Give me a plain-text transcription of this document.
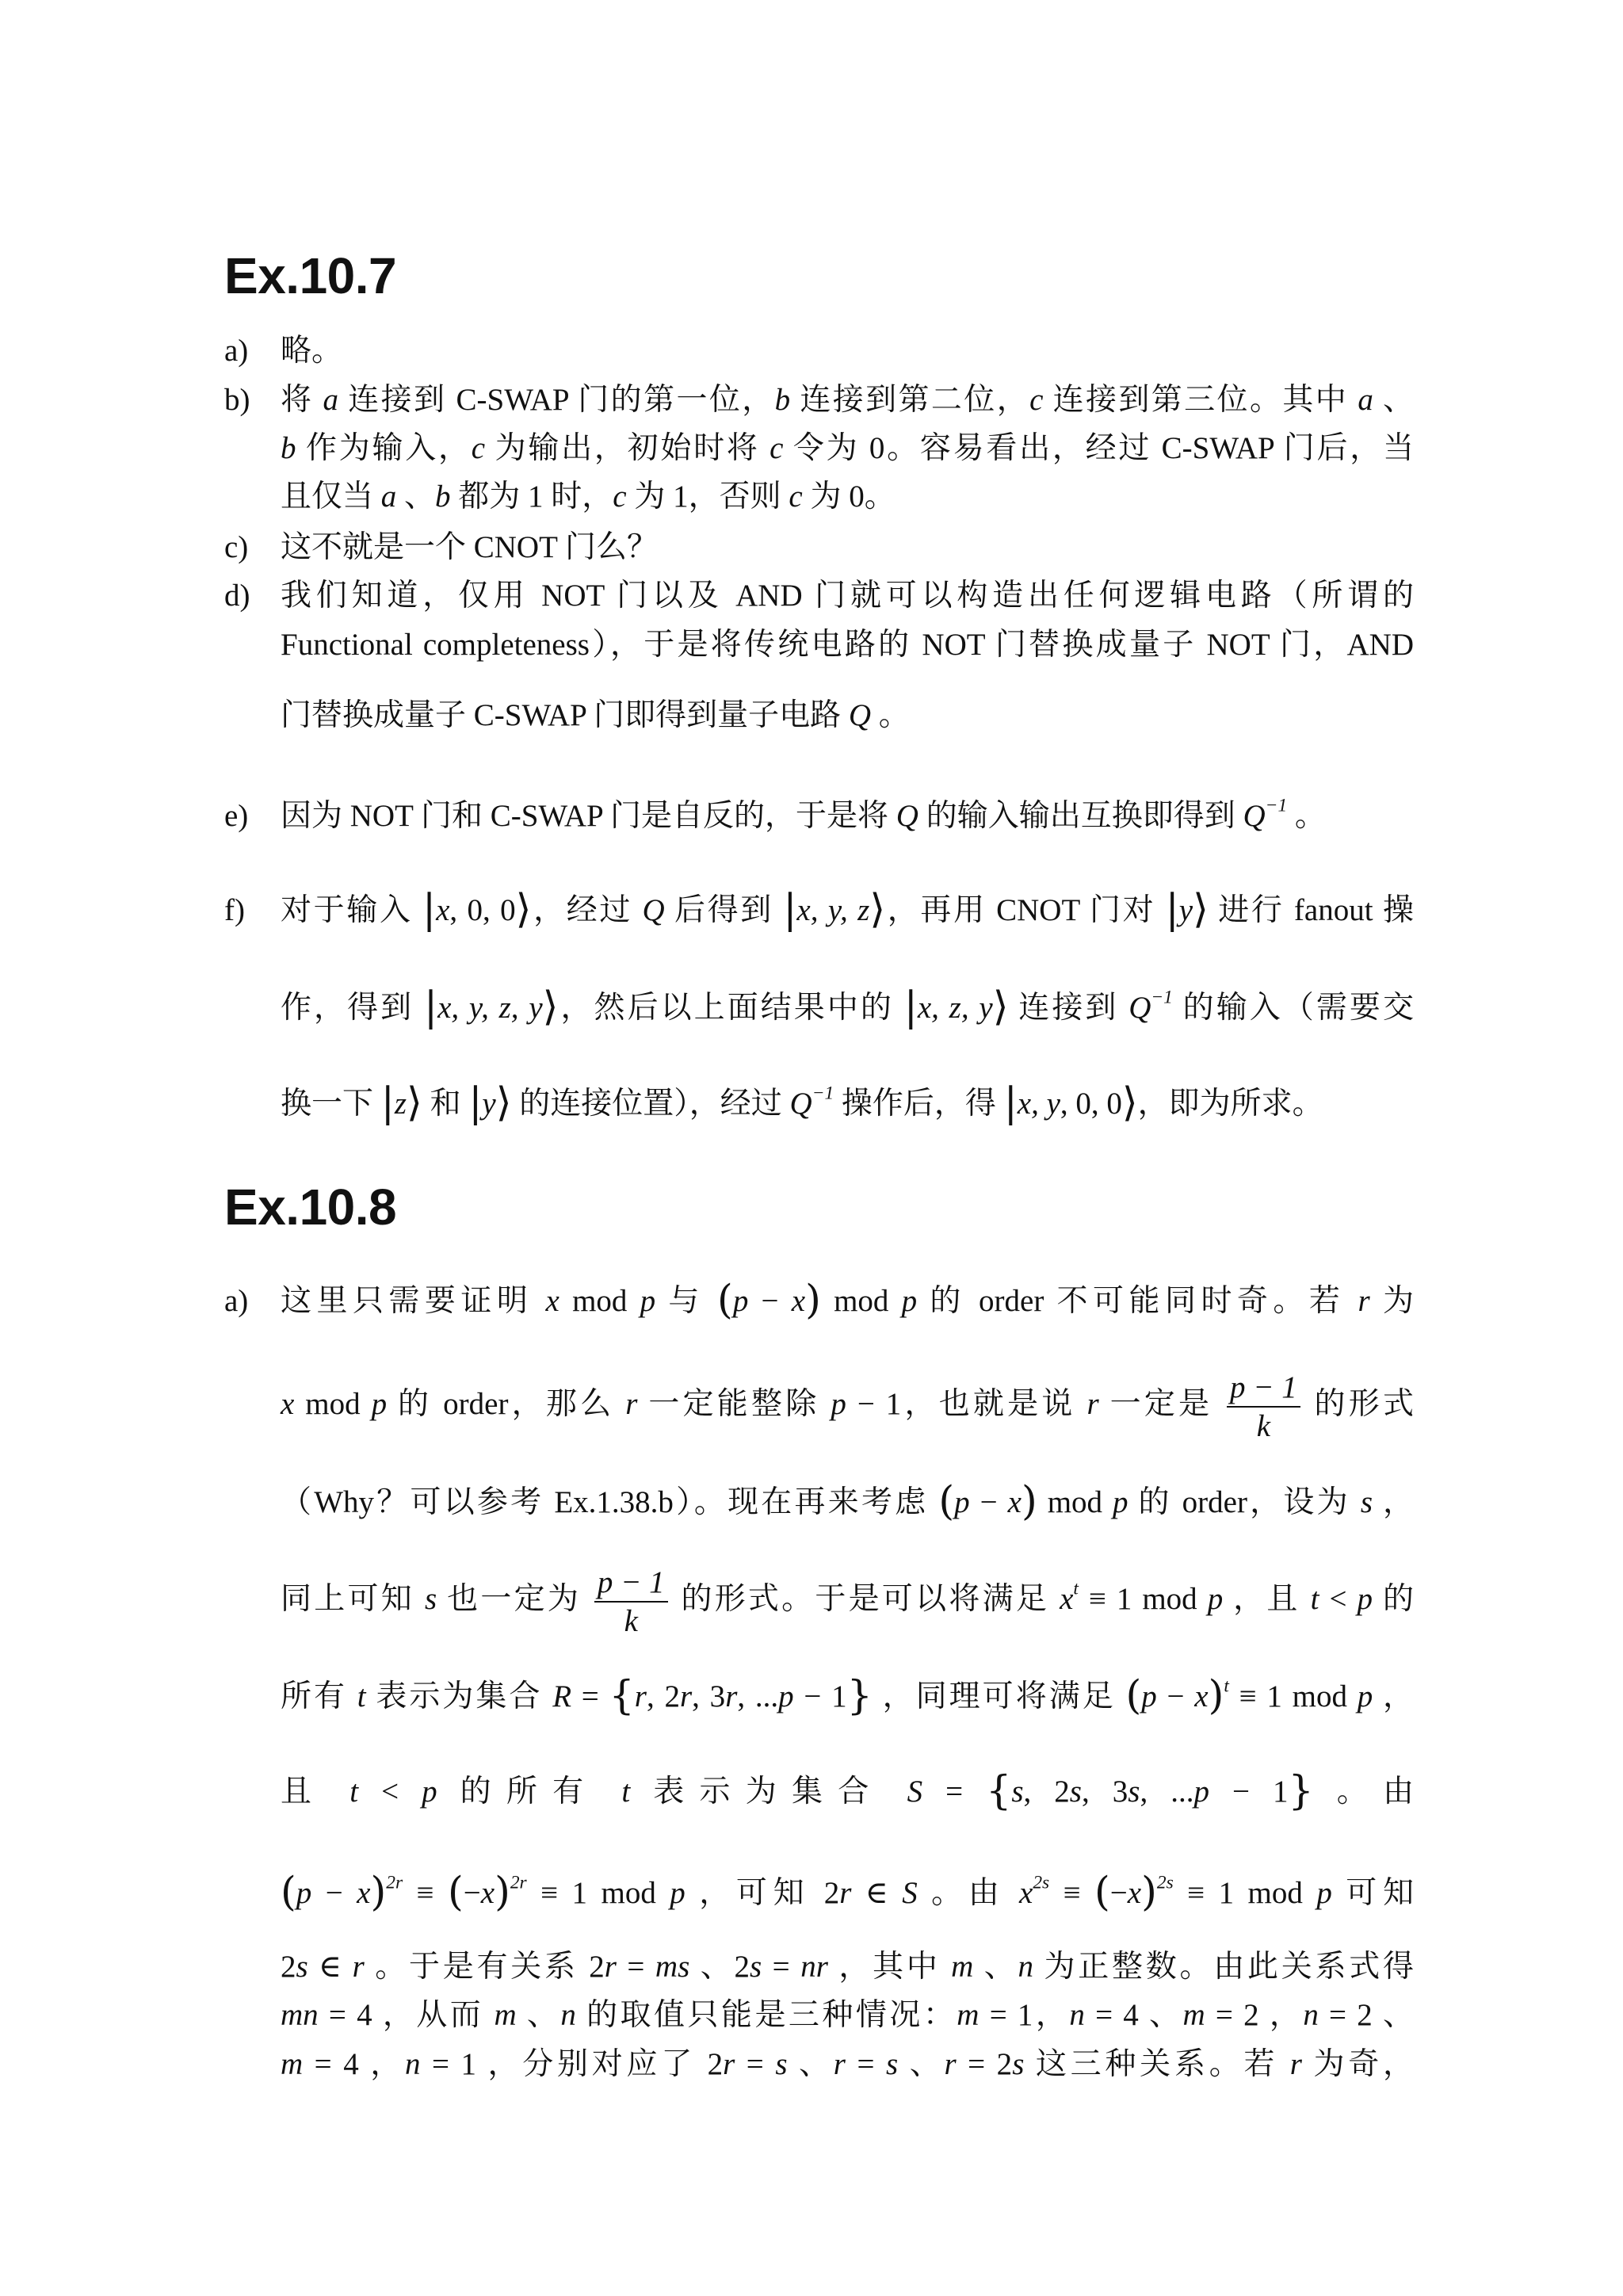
Ex.10.7
a) 略。
b) 将 a 连接到 C-SWAP 门的第一位，b 连接到第二位，c 连接到第三位。其中 a 、
b 作为输入，c 为输出，初始时将 c 令为 0。容易看出，经过 C-SWAP 门后，当
且仅当 a 、b 都为 1 时，c 为 1，否则 c 为 0。
c) 这不就是一个 CNOT 门么？
d) 我们知道，仅用 NOT 门以及 AND 门就可以构造出任何逻辑电路（所谓的
Functional completeness），于是将传统电路的 NOT 门替换成量子 NOT 门，AND
门替换成量子 C-SWAP 门即得到量子电路 Q 。
e) 因为 NOT 门和 C-SWAP 门是自反的，于是将 Q 的输入输出互换即得到 $Q^{-1}$ 。
f) 对于输入 |x, 0, 0⟩，经过 Q 后得到 |x, y, z⟩，再用 CNOT 门对 |y⟩ 进行 fanout 操
作，得到 |x, y, z, y⟩，然后以上面结果中的 |x, z, y⟩ 连接到 $Q^{-1}$ 的输入（需要交
换一下 |z⟩ 和 |y⟩ 的连接位置），经过 $Q^{-1}$ 操作后，得 |x, y, 0, 0⟩，即为所求。
Ex.10.8
a) 这里只需要证明 x mod p 与 (p − x) mod p 的 order 不可能同时奇。若 r 为
x mod p 的 order，那么 r 一定能整除 p − 1，也就是说 r 一定是 $\frac{p - 1}{k}$ 的形式
（Why？可以参考 Ex.1.38.b）。现在再来考虑 (p − x) mod p 的 order，设为 s ，
同上可知 s 也一定为 $\frac{p - 1}{k}$ 的形式。于是可以将满足 $x^t \equiv 1$ mod p ，且 t < p 的
所有 t 表示为集合 R = {r, 2r, 3r, ...p − 1} ，同理可将满足 $(p - x)^t \equiv 1$ mod p ，
且 t < p 的所有 t 表示为集合 S = {s, 2s, 3s, ...p − 1} 。由
$(p - x)^{2r} \equiv (-x)^{2r} \equiv 1$ mod p ，可知 2r ∈ S 。由 $x^{2s} \equiv (-x)^{2s} \equiv 1$ mod p 可知
2s ∈ r 。于是有关系 2r = ms 、2s = nr ，其中 m 、n 为正整数。由此关系式得
mn = 4 ，从而 m 、n 的取值只能是三种情况：m = 1，n = 4 、m = 2 ，n = 2 、
m = 4 ，n = 1 ，分别对应了 2r = s 、r = s 、r = 2s 这三种关系。若 r 为奇，
